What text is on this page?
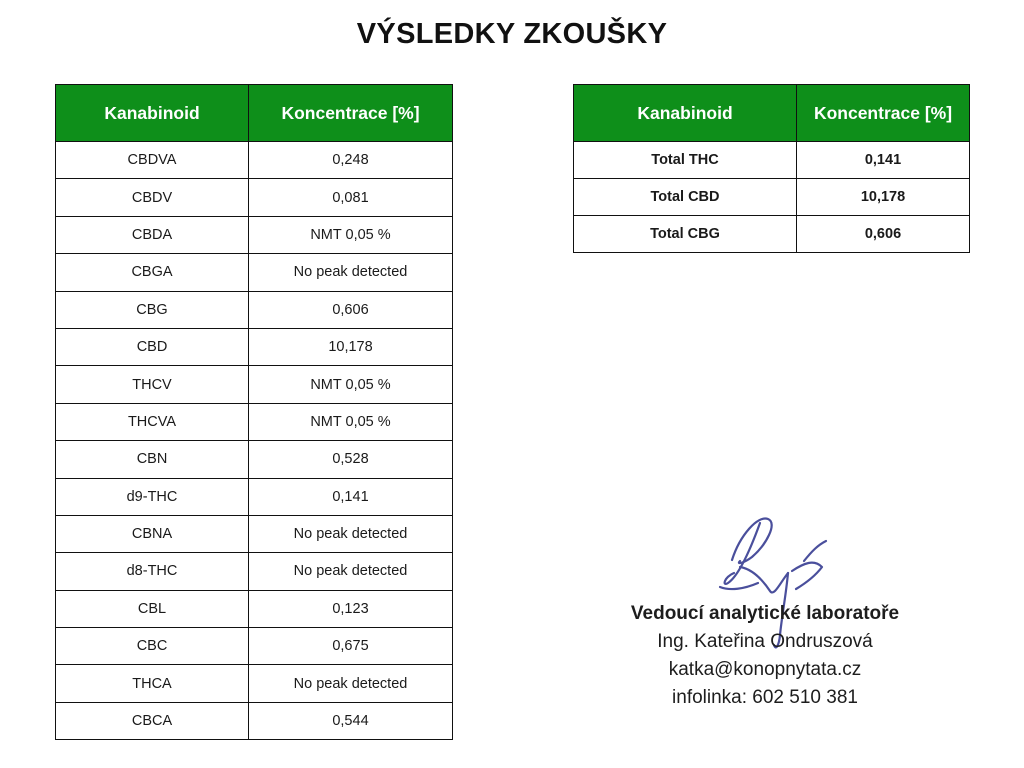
VÝSLEDKY ZKOUŠKY
Kanabinoid	Koncentrace [%]
CBDVA	0,248
CBDV	0,081
CBDA	NMT 0,05 %
CBGA	No peak detected
CBG	0,606
CBD	10,178
THCV	NMT 0,05 %
THCVA	NMT 0,05 %
CBN	0,528
d9-THC	0,141
CBNA	No peak detected
d8-THC	No peak detected
CBL	0,123
CBC	0,675
THCA	No peak detected
CBCA	0,544
Kanabinoid	Koncentrace [%]
Total THC	0,141
Total CBD	10,178
Total CBG	0,606
Vedoucí analytické laboratoře
Ing. Kateřina Ondruszová
katka@konopnytata.cz
infolinka: 602 510 381
